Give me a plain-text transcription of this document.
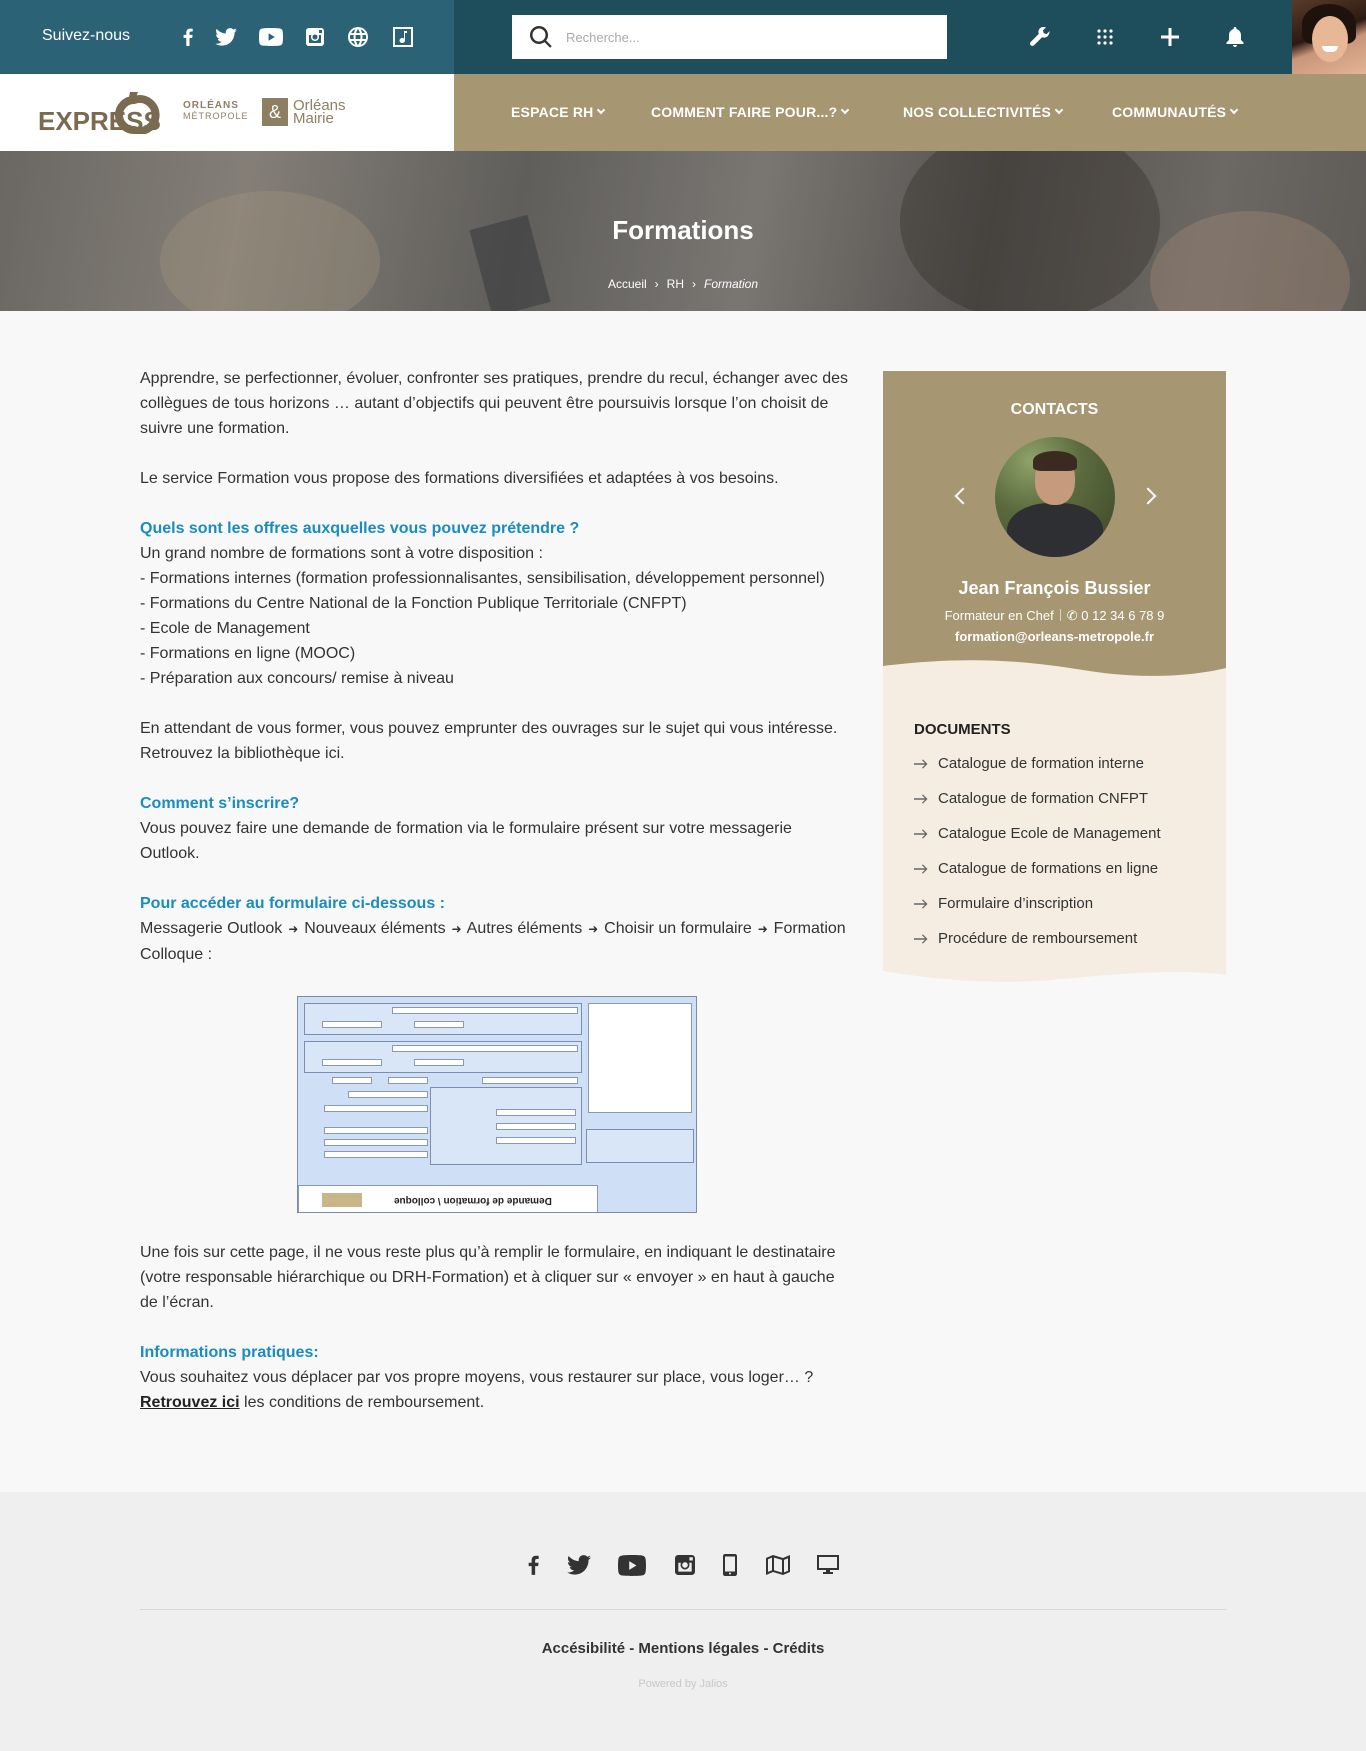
Suivez-nous
Recherche...
EXPRESS
ORLÉANS
MÉTROPOLE	& Orléans
Mairie	ESPACE RH	COMMENT FAIRE POUR...?	NOS COLLECTIVITÉS	COMMUNAUTÉS
Formations
Accueil › RH › Formation

Apprendre, se perfectionner, évoluer, confronter ses pratiques, prendre du recul, échanger avec des collègues de tous horizons … autant d’objectifs qui peuvent être poursuivis lorsque l’on choisit de suivre une formation.

Le service Formation vous propose des formations diversifiées et adaptées à vos besoins.

Quels sont les offres auxquelles vous pouvez prétendre ?
Un grand nombre de formations sont à votre disposition :
- Formations internes (formation professionnalisantes, sensibilisation, développement personnel)
- Formations du Centre National de la Fonction Publique Territoriale (CNFPT)
- Ecole de Management
- Formations en ligne (MOOC)
- Préparation aux concours/ remise à niveau

En attendant de vous former, vous pouvez emprunter des ouvrages sur le sujet qui vous intéresse. Retrouvez la bibliothèque ici.

Comment s’inscrire?
Vous pouvez faire une demande de formation via le formulaire présent sur votre messagerie Outlook.

Pour accéder au formulaire ci-dessous :
Messagerie Outlook ➜ Nouveaux éléments ➜ Autres éléments ➜ Choisir un formulaire ➜ Formation Colloque :

Demande de formation \ colloque

Une fois sur cette page, il ne vous reste plus qu’à remplir le formulaire, en indiquant le destinataire (votre responsable hiérarchique ou DRH-Formation) et à cliquer sur « envoyer » en haut à gauche de l’écran.

Informations pratiques:
Vous souhaitez vous déplacer par vos propre moyens, vous restaurer sur place, vous loger… ?
Retrouvez ici les conditions de remboursement.

CONTACTS
Jean François Bussier
Formateur en Chef ✆ 0 12 34 6 78 9
formation@orleans-metropole.fr
DOCUMENTS
Catalogue de formation interne
Catalogue de formation CNFPT
Catalogue Ecole de Management
Catalogue de formations en ligne
Formulaire d’inscription
Procédure de remboursement
Accésibilité - Mentions légales - Crédits
Powered by Jalios
